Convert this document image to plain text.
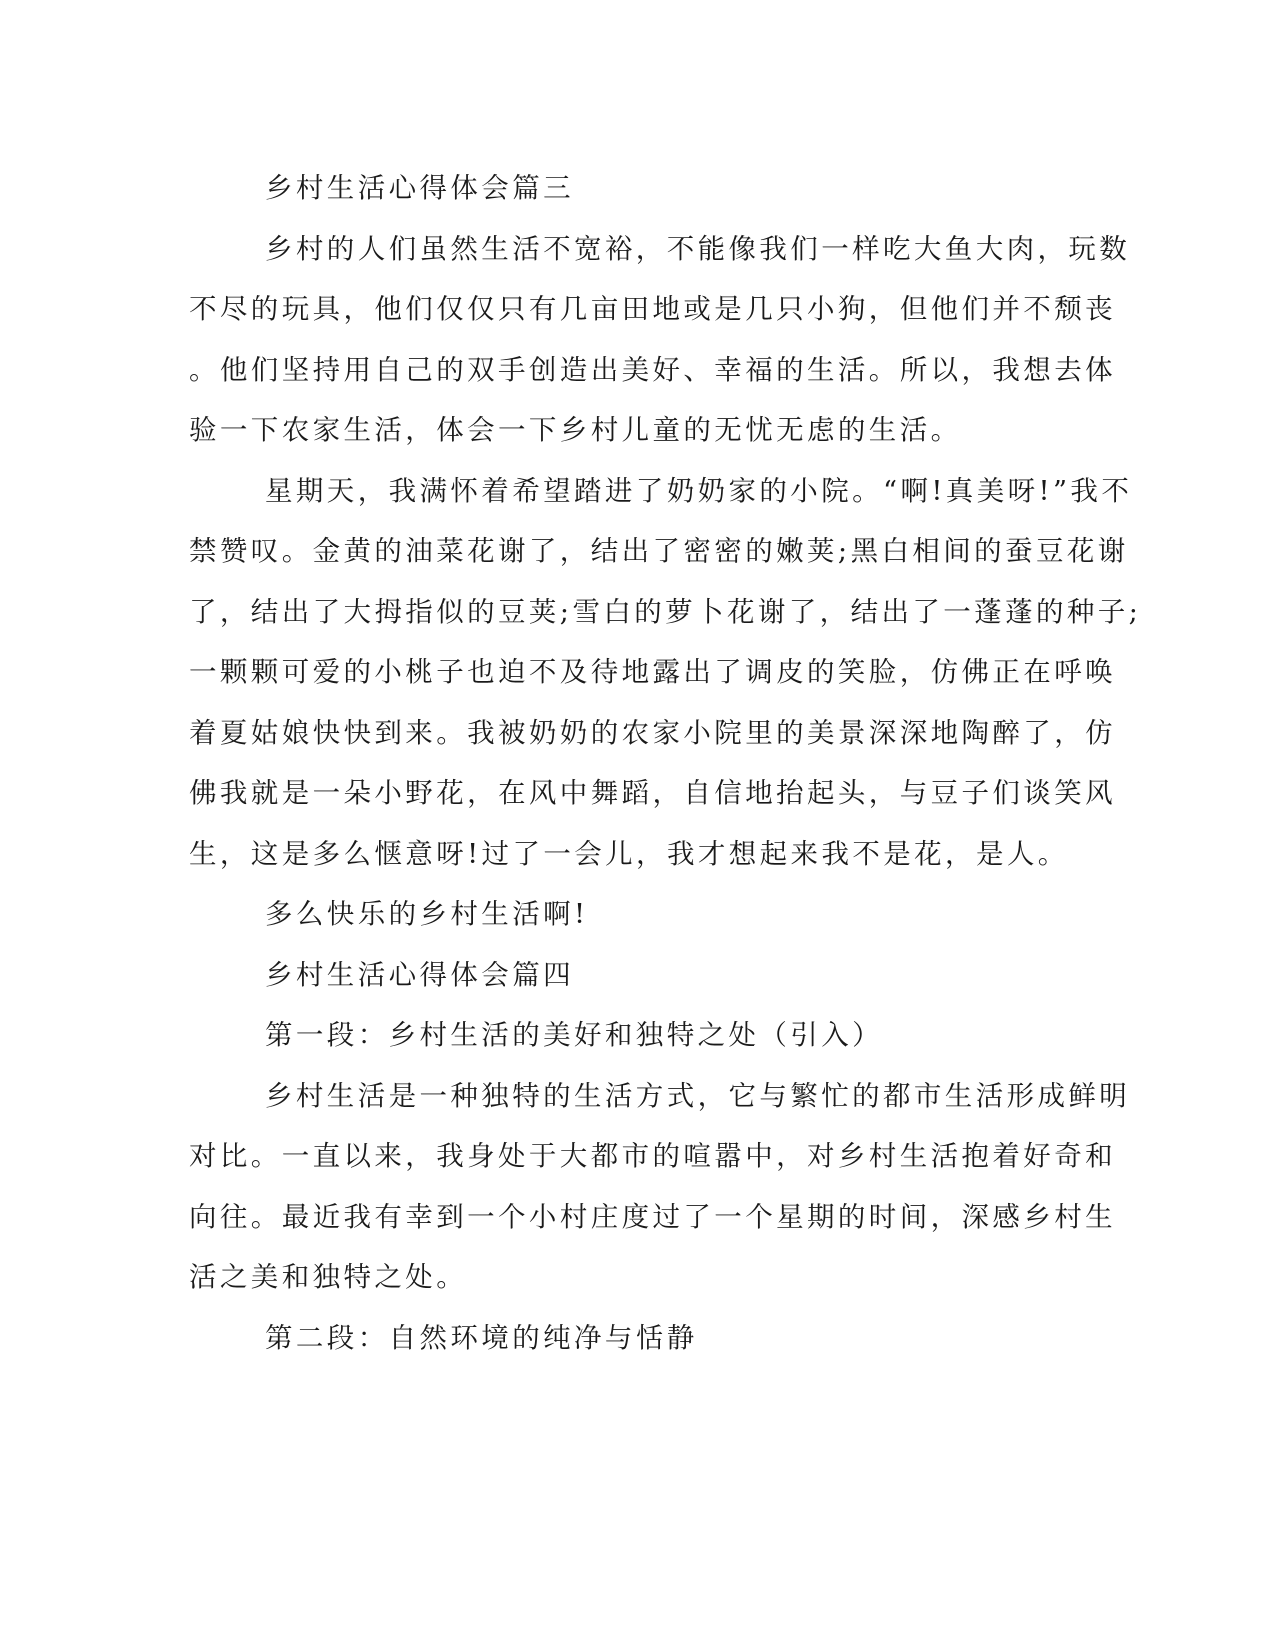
乡村生活心得体会篇三
乡村的人们虽然生活不宽裕，不能像我们一样吃大鱼大肉，玩数
不尽的玩具，他们仅仅只有几亩田地或是几只小狗，但他们并不颓丧
。他们坚持用自己的双手创造出美好、幸福的生活。所以，我想去体
验一下农家生活，体会一下乡村儿童的无忧无虑的生活。
星期天，我满怀着希望踏进了奶奶家的小院。“啊!真美呀!”我不
禁赞叹。金黄的油菜花谢了，结出了密密的嫩荚;黑白相间的蚕豆花谢
了，结出了大拇指似的豆荚;雪白的萝卜花谢了，结出了一蓬蓬的种子;
一颗颗可爱的小桃子也迫不及待地露出了调皮的笑脸，仿佛正在呼唤
着夏姑娘快快到来。我被奶奶的农家小院里的美景深深地陶醉了，仿
佛我就是一朵小野花，在风中舞蹈，自信地抬起头，与豆子们谈笑风
生，这是多么惬意呀!过了一会儿，我才想起来我不是花，是人。
多么快乐的乡村生活啊!
乡村生活心得体会篇四
第一段：乡村生活的美好和独特之处（引入）
乡村生活是一种独特的生活方式，它与繁忙的都市生活形成鲜明
对比。一直以来，我身处于大都市的喧嚣中，对乡村生活抱着好奇和
向往。最近我有幸到一个小村庄度过了一个星期的时间，深感乡村生
活之美和独特之处。
第二段：自然环境的纯净与恬静
